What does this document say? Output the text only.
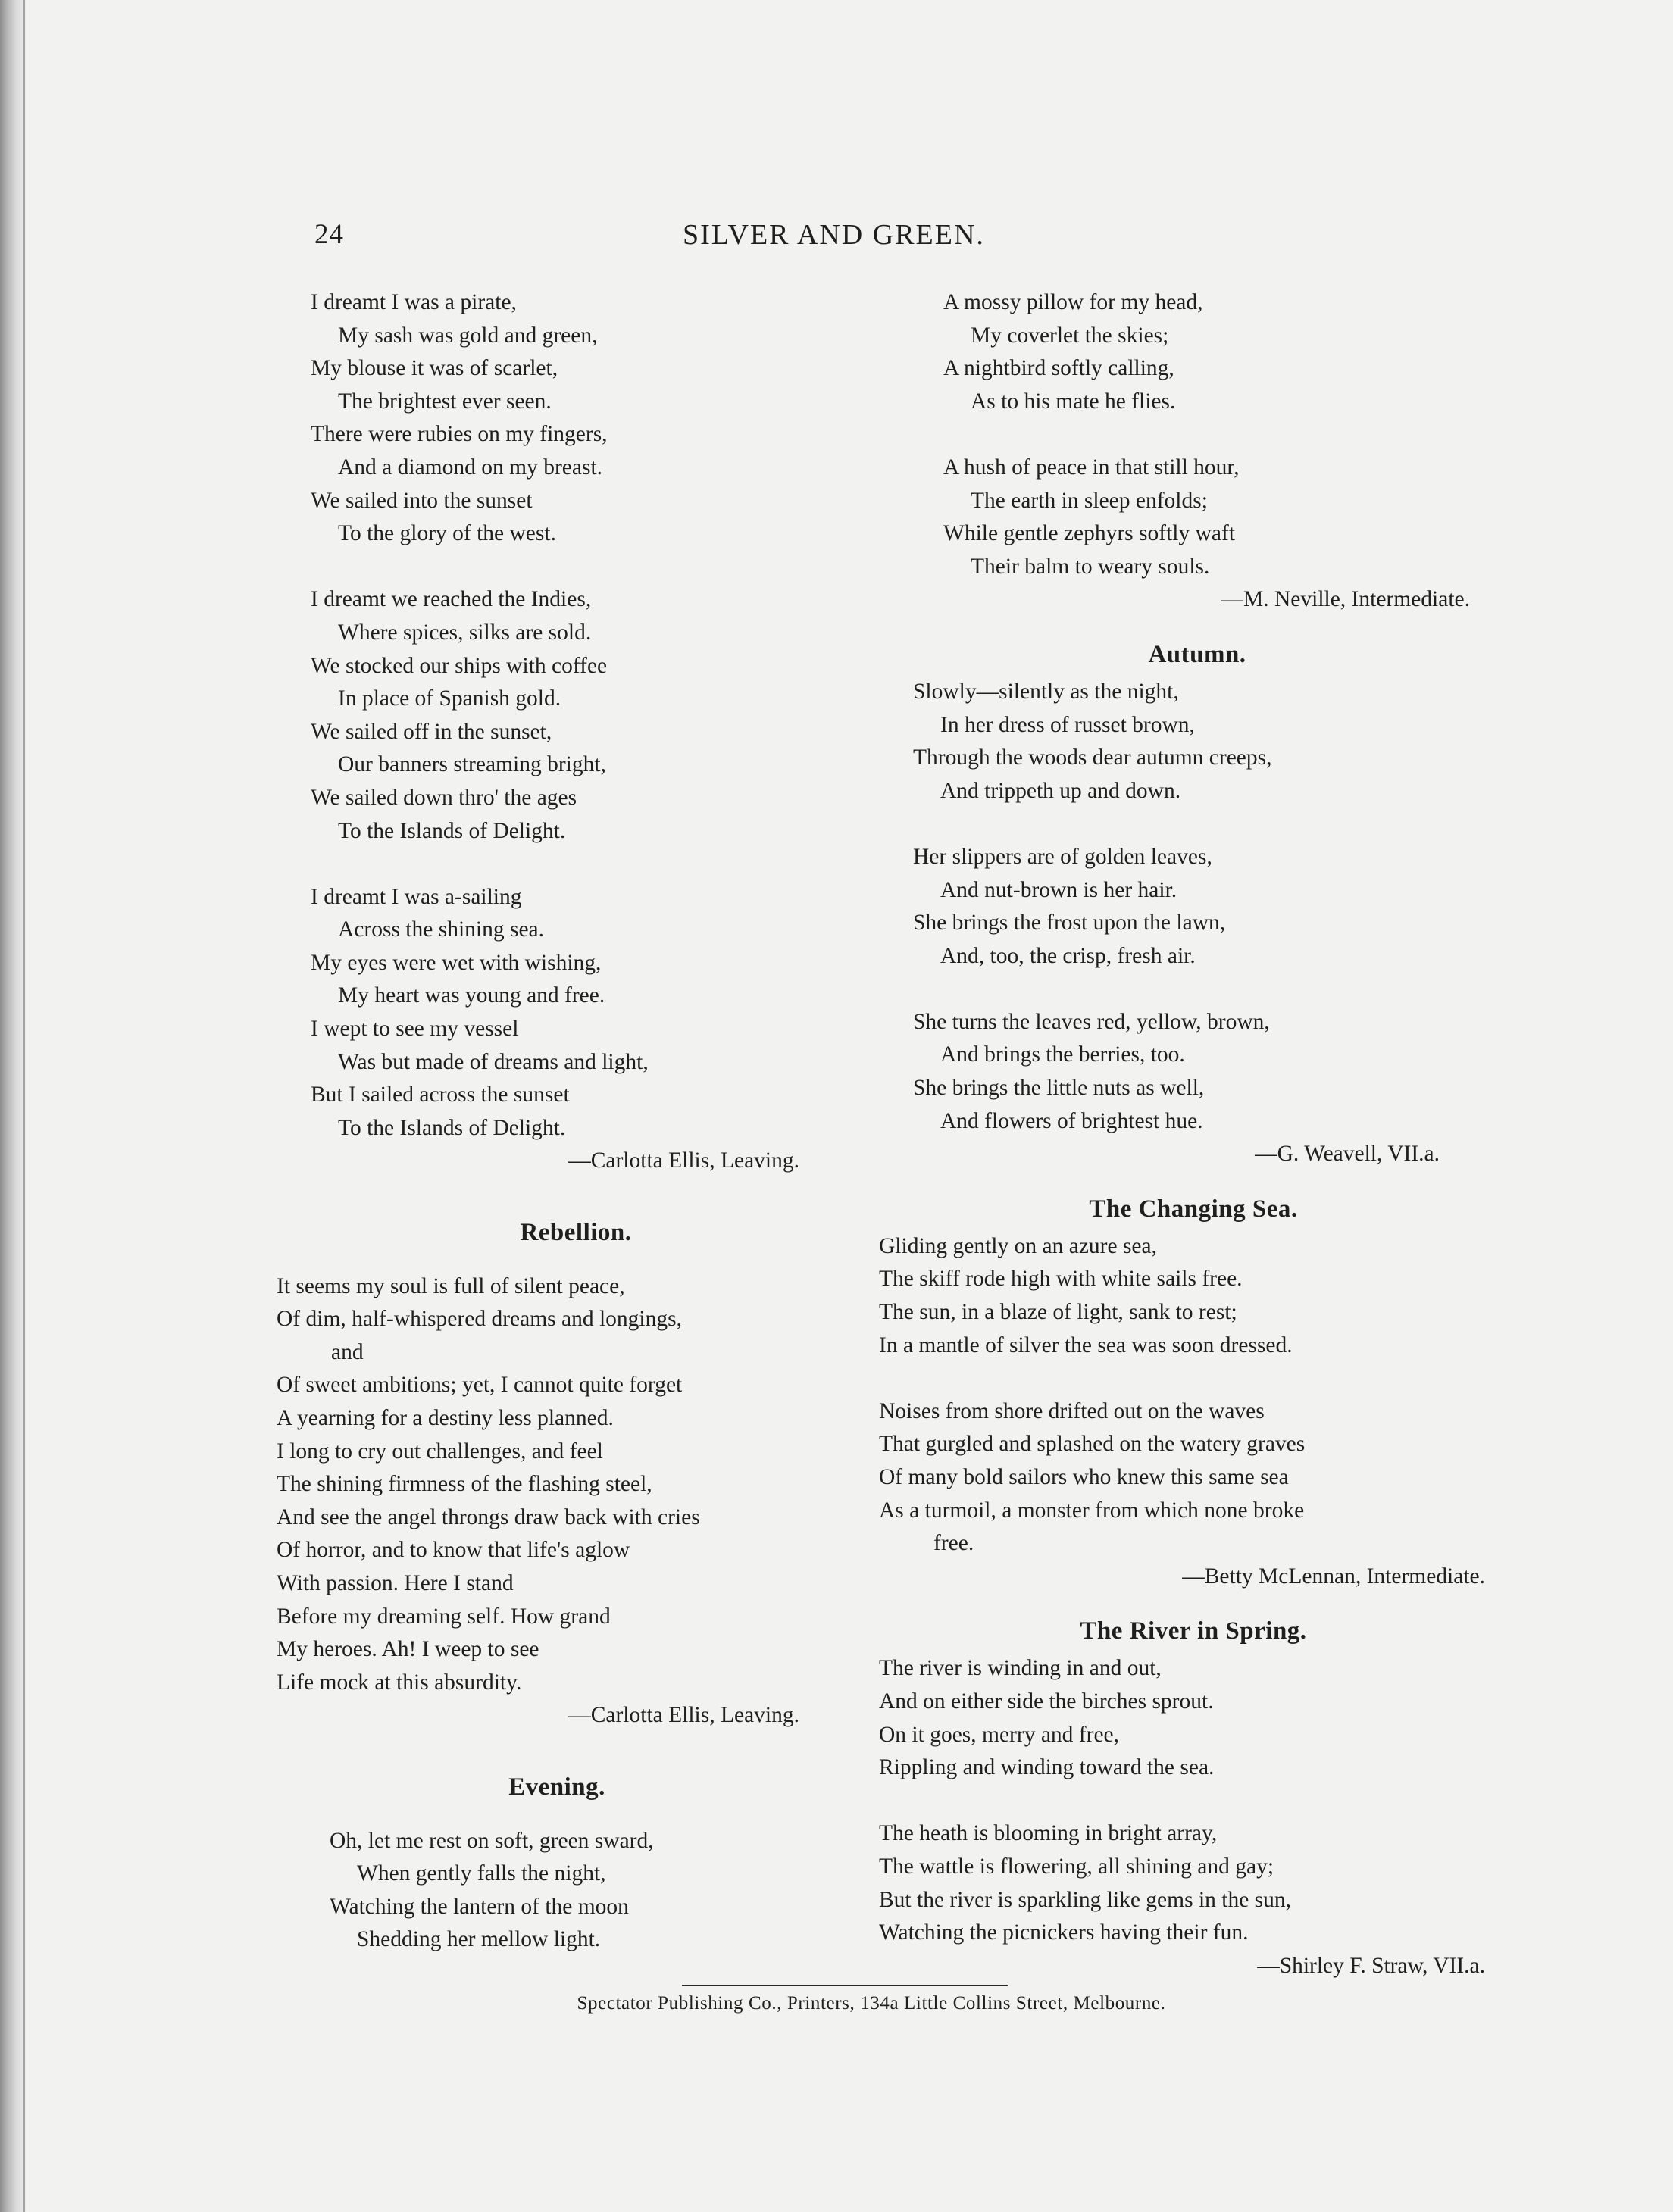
24	SILVER AND GREEN.
I dreamt I was a pirate,
My sash was gold and green,
My blouse it was of scarlet,
The brightest ever seen.
There were rubies on my fingers,
And a diamond on my breast.
We sailed into the sunset
To the glory of the west.
I dreamt we reached the Indies,
Where spices, silks are sold.
We stocked our ships with coffee
In place of Spanish gold.
We sailed off in the sunset,
Our banners streaming bright,
We sailed down thro' the ages
To the Islands of Delight.
I dreamt I was a-sailing
Across the shining sea.
My eyes were wet with wishing,
My heart was young and free.
I wept to see my vessel
Was but made of dreams and light,
But I sailed across the sunset
To the Islands of Delight.
—Carlotta Ellis, Leaving.
Rebellion.
It seems my soul is full of silent peace,
Of dim, half-whispered dreams and longings,
and
Of sweet ambitions; yet, I cannot quite forget
A yearning for a destiny less planned.
I long to cry out challenges, and feel
The shining firmness of the flashing steel,
And see the angel throngs draw back with cries
Of horror, and to know that life's aglow
With passion. Here I stand
Before my dreaming self. How grand
My heroes. Ah! I weep to see
Life mock at this absurdity.
—Carlotta Ellis, Leaving.
Evening.
Oh, let me rest on soft, green sward,
When gently falls the night,
Watching the lantern of the moon
Shedding her mellow light.
A mossy pillow for my head,
My coverlet the skies;
A nightbird softly calling,
As to his mate he flies.
A hush of peace in that still hour,
The earth in sleep enfolds;
While gentle zephyrs softly waft
Their balm to weary souls.
—M. Neville, Intermediate.
Autumn.
Slowly—silently as the night,
In her dress of russet brown,
Through the woods dear autumn creeps,
And trippeth up and down.
Her slippers are of golden leaves,
And nut-brown is her hair.
She brings the frost upon the lawn,
And, too, the crisp, fresh air.
She turns the leaves red, yellow, brown,
And brings the berries, too.
She brings the little nuts as well,
And flowers of brightest hue.
—G. Weavell, VII.a.
The Changing Sea.
Gliding gently on an azure sea,
The skiff rode high with white sails free.
The sun, in a blaze of light, sank to rest;
In a mantle of silver the sea was soon dressed.
Noises from shore drifted out on the waves
That gurgled and splashed on the watery graves
Of many bold sailors who knew this same sea
As a turmoil, a monster from which none broke
free.
—Betty McLennan, Intermediate.
The River in Spring.
The river is winding in and out,
And on either side the birches sprout.
On it goes, merry and free,
Rippling and winding toward the sea.
The heath is blooming in bright array,
The wattle is flowering, all shining and gay;
But the river is sparkling like gems in the sun,
Watching the picnickers having their fun.
—Shirley F. Straw, VII.a.
Spectator Publishing Co., Printers, 134a Little Collins Street, Melbourne.
